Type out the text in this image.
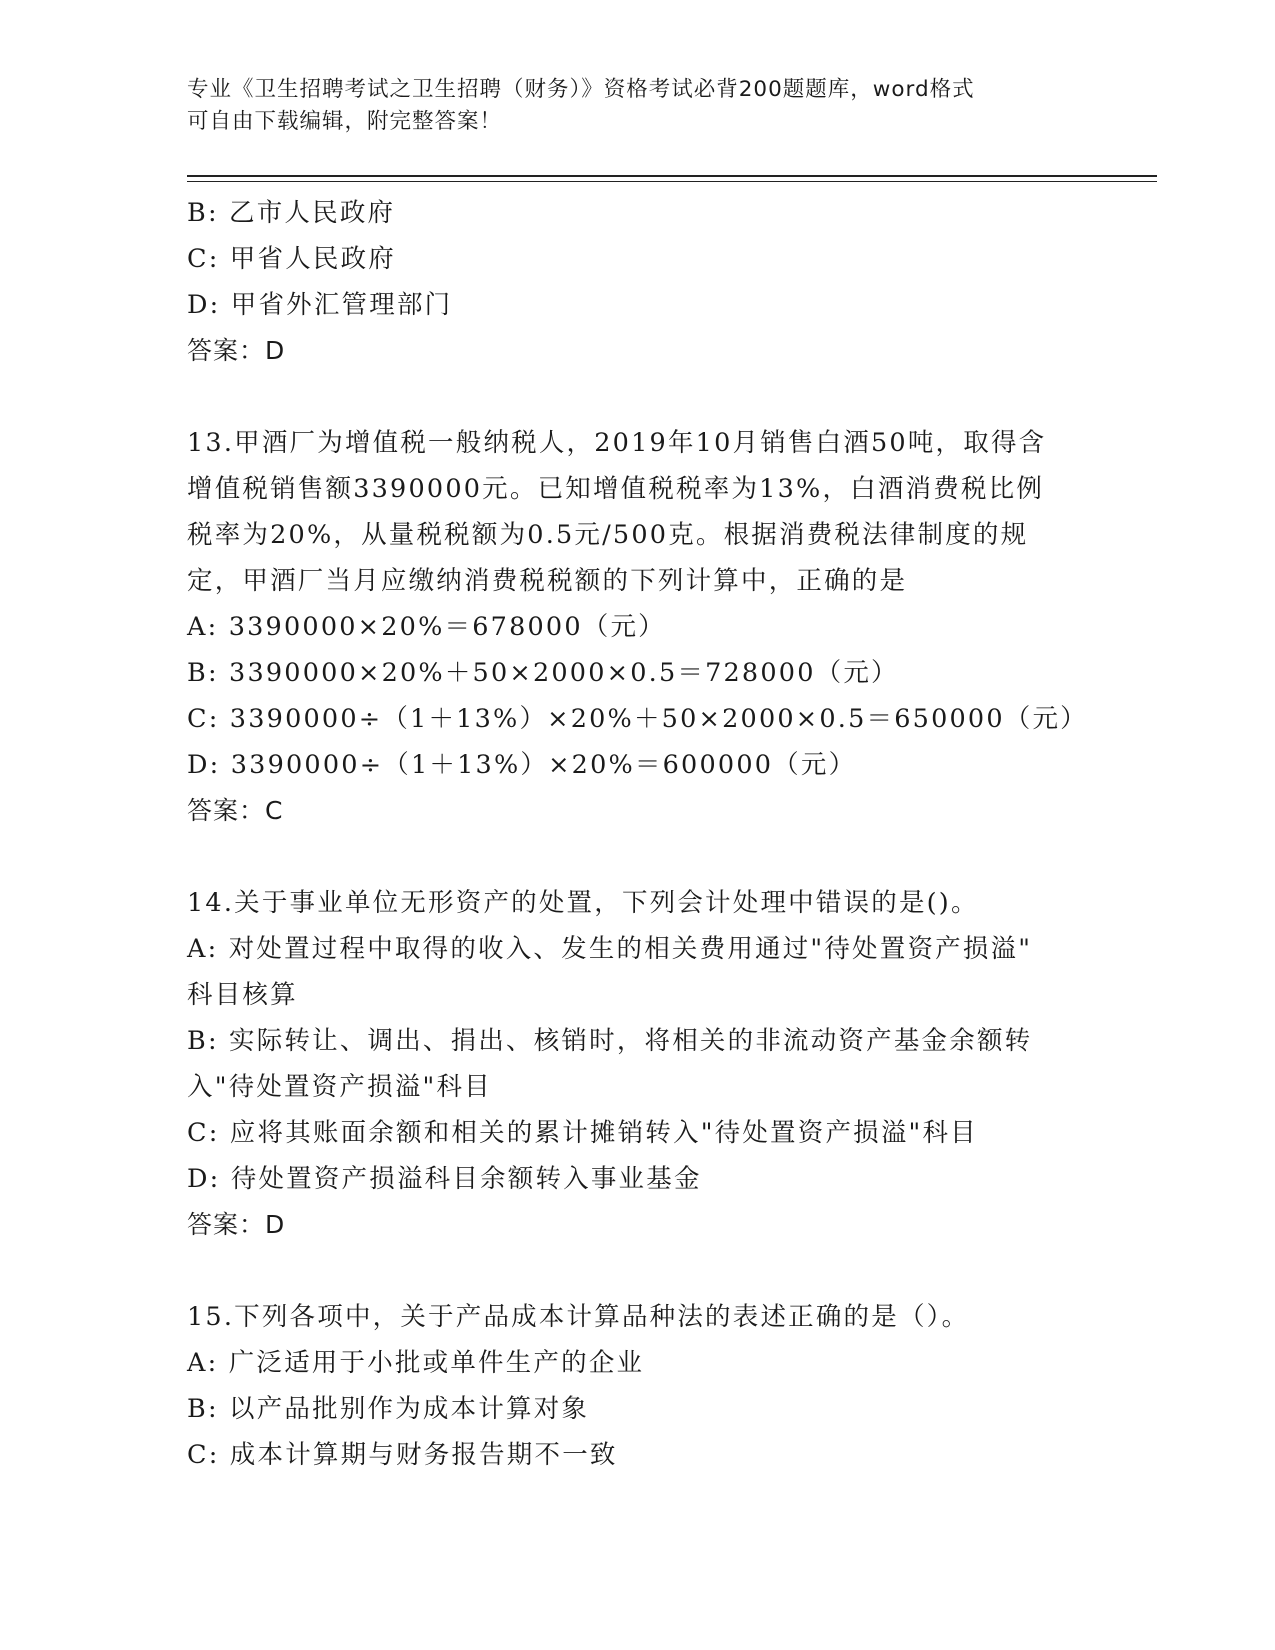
专业《卫生招聘考试之卫生招聘（财务）》资格考试必背200题题库，word格式
可自由下载编辑，附完整答案！
B: 乙市人民政府
C: 甲省人民政府
D: 甲省外汇管理部门
答案：D
13.甲酒厂为增值税一般纳税人，2019年10月销售白酒50吨，取得含
增值税销售额3390000元。已知增值税税率为13%，白酒消费税比例
税率为20%，从量税税额为0.5元/500克。根据消费税法律制度的规
定，甲酒厂当月应缴纳消费税税额的下列计算中，正确的是
A: 3390000×20%＝678000（元）
B: 3390000×20%＋50×2000×0.5＝728000（元）
C: 3390000÷（1＋13%）×20%＋50×2000×0.5＝650000（元）
D: 3390000÷（1＋13%）×20%＝600000（元）
答案：C
14.关于事业单位无形资产的处置，下列会计处理中错误的是()。
A: 对处置过程中取得的收入、发生的相关费用通过"待处置资产损溢"
科目核算
B: 实际转让、调出、捐出、核销时，将相关的非流动资产基金余额转
入"待处置资产损溢"科目
C: 应将其账面余额和相关的累计摊销转入"待处置资产损溢"科目
D: 待处置资产损溢科目余额转入事业基金
答案：D
15.下列各项中，关于产品成本计算品种法的表述正确的是（）。
A: 广泛适用于小批或单件生产的企业
B: 以产品批别作为成本计算对象
C: 成本计算期与财务报告期不一致
